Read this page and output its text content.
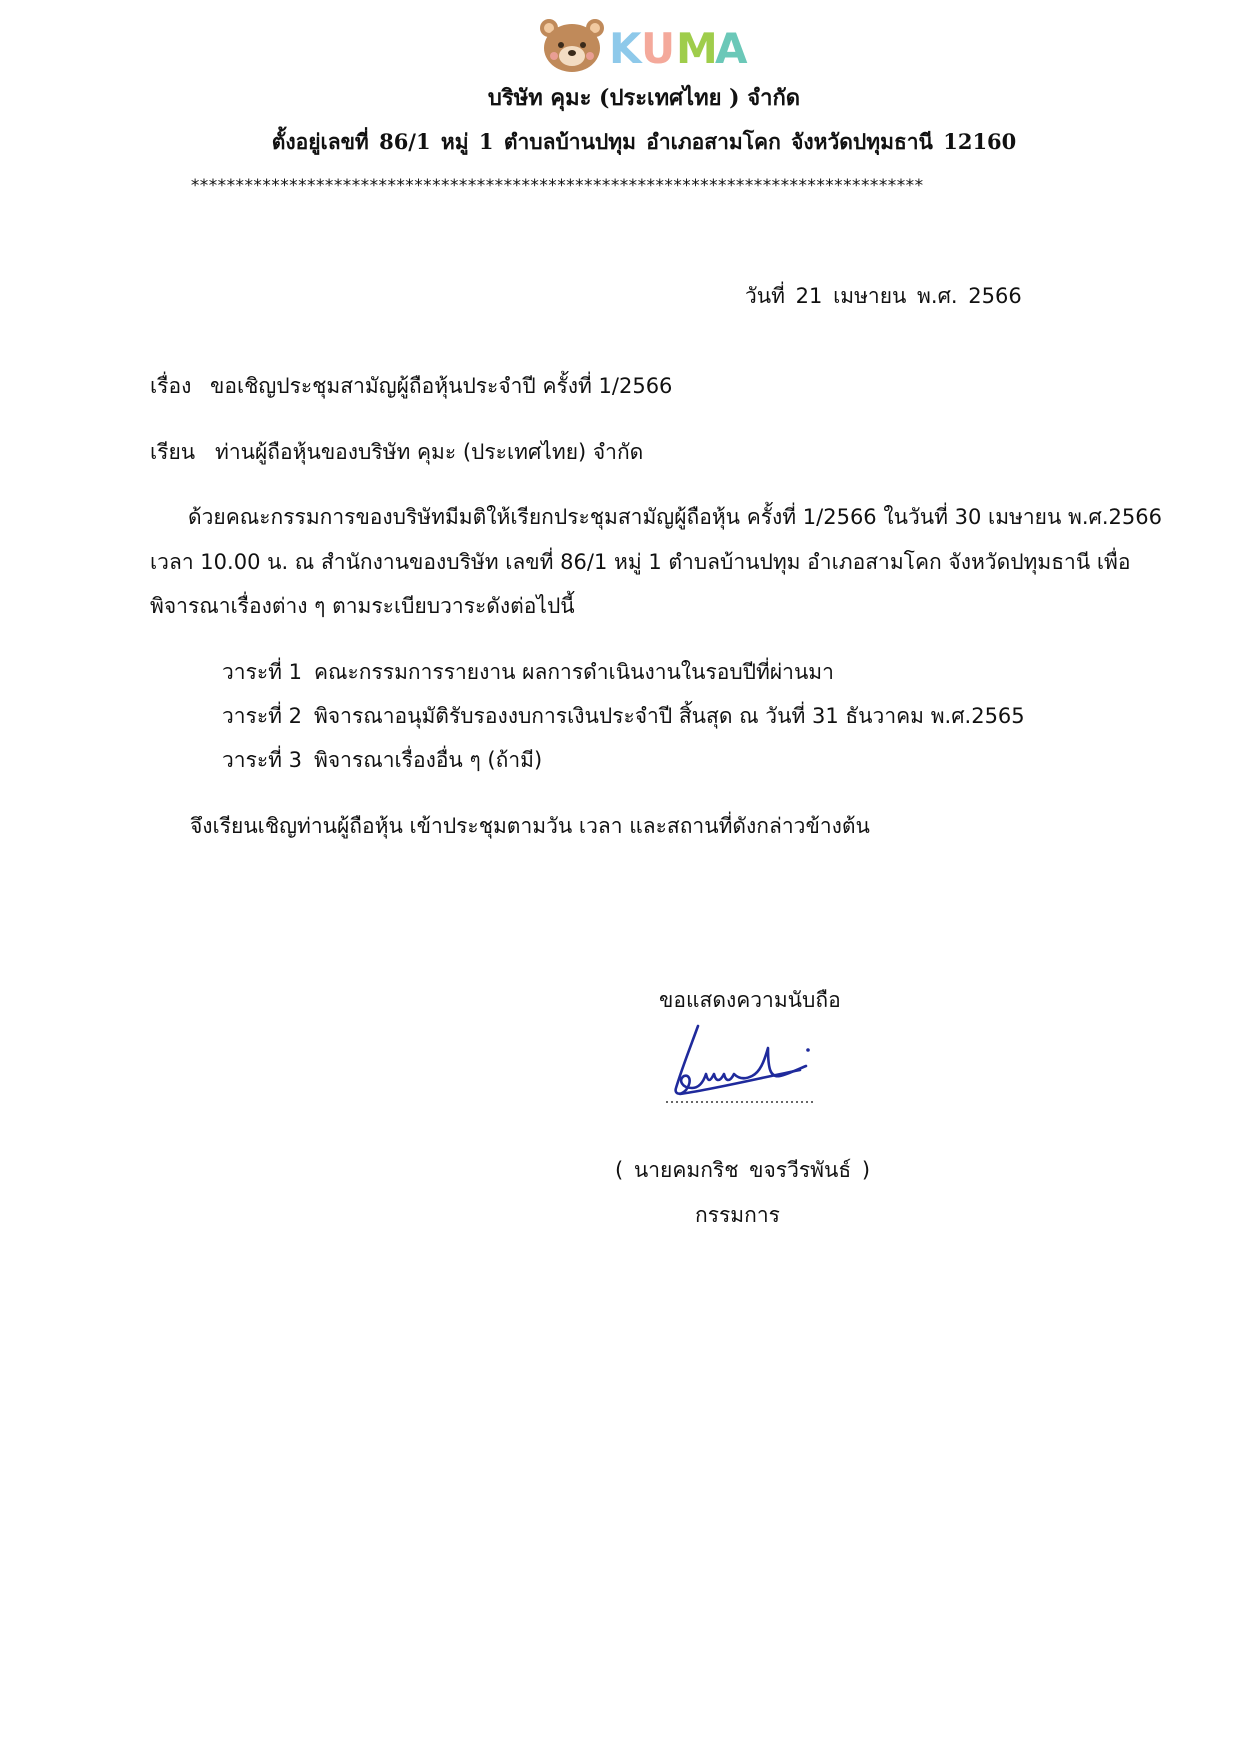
K U M
A
บริษัท คุมะ (ประเทศไทย ) จำกัด
ตั้งอยู่เลขที่ 86/1 หมู่ 1 ตำบลบ้านปทุม อำเภอสามโคก จังหวัดปทุมธานี 12160
**********************************************************************************
วันที่ 21 เมษายน พ.ศ. 2566
เรื่อง ขอเชิญประชุมสามัญผู้ถือหุ้นประจำปี ครั้งที่ 1/2566
เรียน ท่านผู้ถือหุ้นของบริษัท คุมะ (ประเทศไทย) จำกัด
ด้วยคณะกรรมการของบริษัทมีมติให้เรียกประชุมสามัญผู้ถือหุ้น ครั้งที่ 1/2566 ในวันที่ 30 เมษายน พ.ศ.2566
เวลา 10.00 น. ณ สำนักงานของบริษัท เลขที่ 86/1 หมู่ 1 ตำบลบ้านปทุม อำเภอสามโคก จังหวัดปทุมธานี เพื่อ
พิจารณาเรื่องต่าง ๆ ตามระเบียบวาระดังต่อไปนี้
วาระที่ 1 คณะกรรมการรายงาน ผลการดำเนินงานในรอบปีที่ผ่านมา
วาระที่ 2 พิจารณาอนุมัติรับรองงบการเงินประจำปี สิ้นสุด ณ วันที่ 31 ธันวาคม พ.ศ.2565
วาระที่ 3 พิจารณาเรื่องอื่น ๆ (ถ้ามี)
จึงเรียนเชิญท่านผู้ถือหุ้น เข้าประชุมตามวัน เวลา และสถานที่ดังกล่าวข้างต้น
ขอแสดงความนับถือ
( นายคมกริช ขจรวีรพันธ์ )
กรรมการ
